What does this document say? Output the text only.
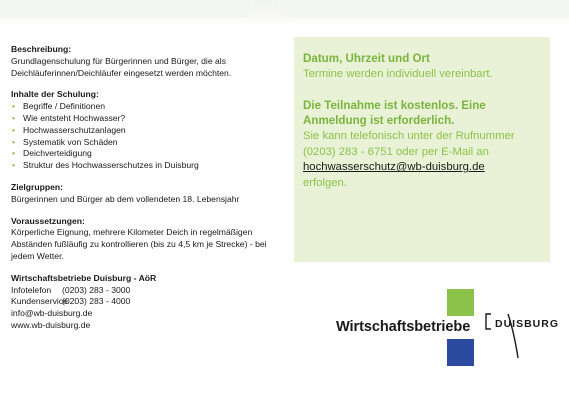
Beschreibung:

Grundlagenschulung für Bürgerinnen und Bürger, die als Deichläuferinnen/Deichläufer eingesetzt werden möchten.

Inhalte der Schulung:
• Begriffe / Definitionen
• Wie entsteht Hochwasser?
• Hochwasserschutzanlagen
• Systematik von Schäden
• Deichverteidigung
• Struktur des Hochwasserschutzes in Duisburg
Zielgruppen:

Bürgerinnen und Bürger ab dem vollendeten 18. Lebensjahr

Voraussetzungen:

Körperliche Eignung, mehrere Kilometer Deich in regelmäßigen Abständen fußläufig zu kontrollieren (bis zu 4,5 km je Strecke) - bei jedem Wetter.

Wirtschaftsbetriebe Duisburg - AöR
Infotelefon (0203) 283 - 3000
Kundenservice(0203) 283 - 4000
info@wb-duisburg.de
www.wb-duisburg.de
Datum, Uhrzeit und Ort
Termine werden individuell vereinbart.
Die Teilnahme ist kostenlos. Eine
Anmeldung ist erforderlich.
Sie kann telefonisch unter der Rufnummer
(0203) 283 - 6751 oder per E-Mail an
hochwasserschutz@wb-duisburg.de
erfolgen.
Wirtschaftsbetriebe DUISBURG
